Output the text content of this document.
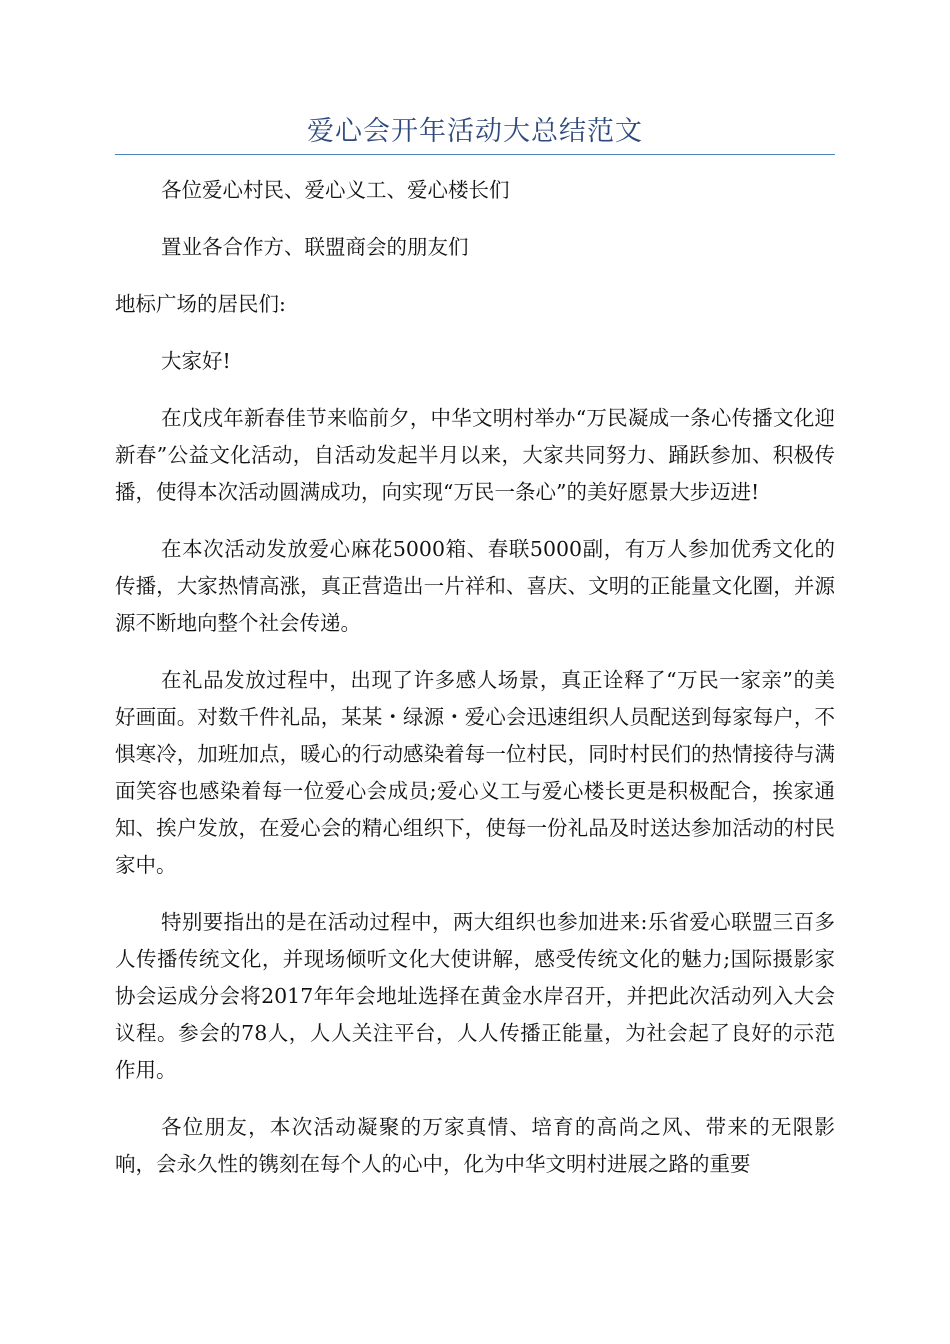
爱心会开年活动大总结范文

各位爱心村民、爱心义工、爱心楼长们

置业各合作方、联盟商会的朋友们

地标广场的居民们:

大家好!

在戊戌年新春佳节来临前夕，中华文明村举办“万民凝成一条心传播文化迎新春”公益文化活动，自活动发起半月以来，大家共同努力、踊跃参加、积极传播，使得本次活动圆满成功，向实现“万民一条心”的美好愿景大步迈进!

在本次活动发放爱心麻花5000箱、春联5000副，有万人参加优秀文化的传播，大家热情高涨，真正营造出一片祥和、喜庆、文明的正能量文化圈，并源源不断地向整个社会传递。

在礼品发放过程中，出现了许多感人场景，真正诠释了“万民一家亲”的美好画面。对数千件礼品，某某・绿源・爱心会迅速组织人员配送到每家每户，不惧寒冷，加班加点，暖心的行动感染着每一位村民，同时村民们的热情接待与满面笑容也感染着每一位爱心会成员;爱心义工与爱心楼长更是积极配合，挨家通知、挨户发放，在爱心会的精心组织下，使每一份礼品及时送达参加活动的村民家中。

特别要指出的是在活动过程中，两大组织也参加进来:乐省爱心联盟三百多人传播传统文化，并现场倾听文化大使讲解，感受传统文化的魅力;国际摄影家协会运成分会将2017年年会地址选择在黄金水岸召开，并把此次活动列入大会议程。参会的78人，人人关注平台，人人传播正能量，为社会起了良好的示范作用。

各位朋友，本次活动凝聚的万家真情、培育的高尚之风、带来的无限影响，会永久性的镌刻在每个人的心中，化为中华文明村进展之路的重要
